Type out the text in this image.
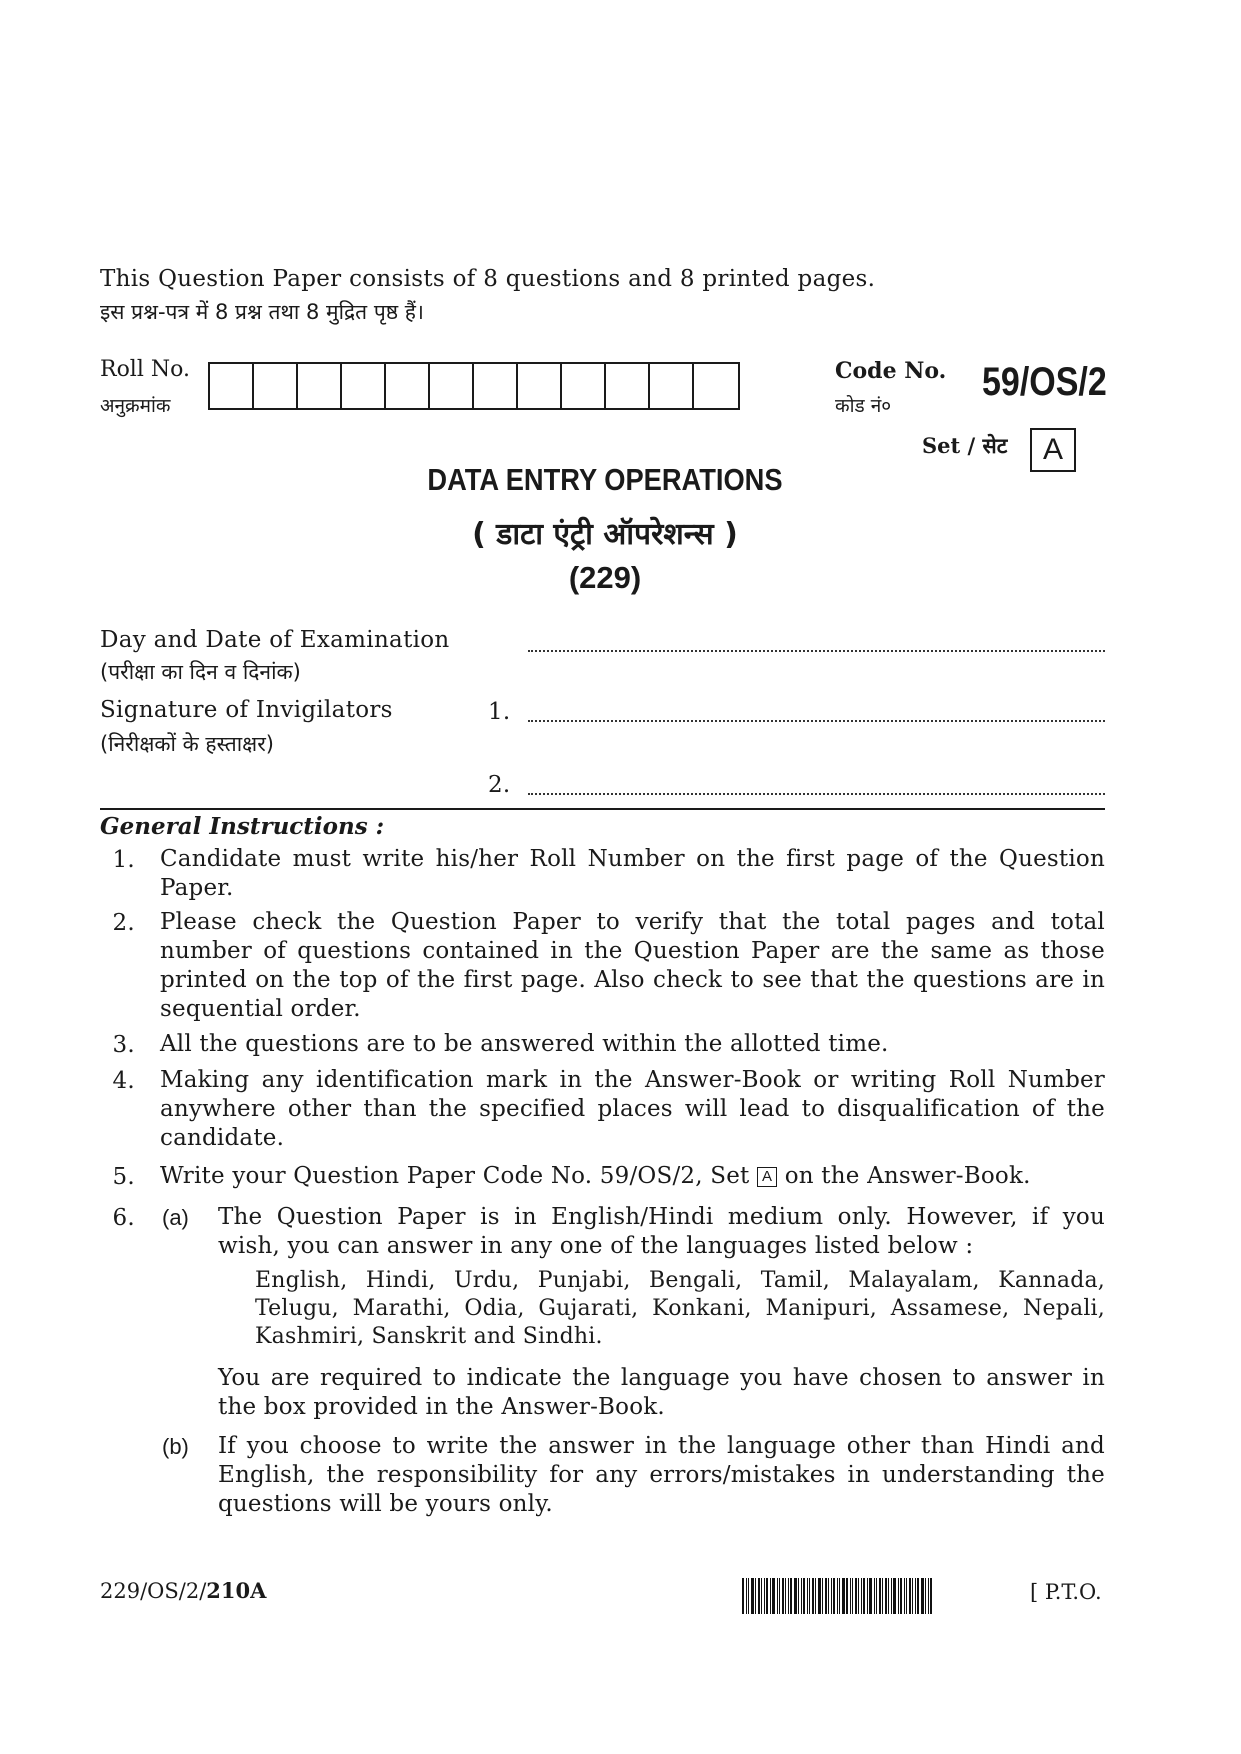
This Question Paper consists of 8 questions and 8 printed pages.
इस प्रश्न-पत्र में 8 प्रश्न तथा 8 मुद्रित पृष्ठ हैं।
Roll No.
अनुक्रमांक
Code No.
कोड नं०
59/OS/2
Set / सेट A
DATA ENTRY OPERATIONS
( डाटा एंट्री ऑपरेशन्स )
(229)
Day and Date of Examination
(परीक्षा का दिन व दिनांक)
Signature of Invigilators
(निरीक्षकों के हस्ताक्षर)
1.
2.
General Instructions :
1. Candidate must write his/her Roll Number on the first page of the Question Paper.
2. Please check the Question Paper to verify that the total pages and total number of questions contained in the Question Paper are the same as those printed on the top of the first page. Also check to see that the questions are in sequential order.
3. All the questions are to be answered within the allotted time.
4. Making any identification mark in the Answer-Book or writing Roll Number anywhere other than the specified places will lead to disqualification of the candidate.
5. Write your Question Paper Code No. 59/OS/2, Set A on the Answer-Book.
6. (a) The Question Paper is in English/Hindi medium only. However, if you wish, you can answer in any one of the languages listed below :
English, Hindi, Urdu, Punjabi, Bengali, Tamil, Malayalam, Kannada, Telugu, Marathi, Odia, Gujarati, Konkani, Manipuri, Assamese, Nepali, Kashmiri, Sanskrit and Sindhi.
You are required to indicate the language you have chosen to answer in the box provided in the Answer-Book.
(b) If you choose to write the answer in the language other than Hindi and English, the responsibility for any errors/mistakes in understanding the questions will be yours only.
229/OS/2/210A	[ P.T.O.
